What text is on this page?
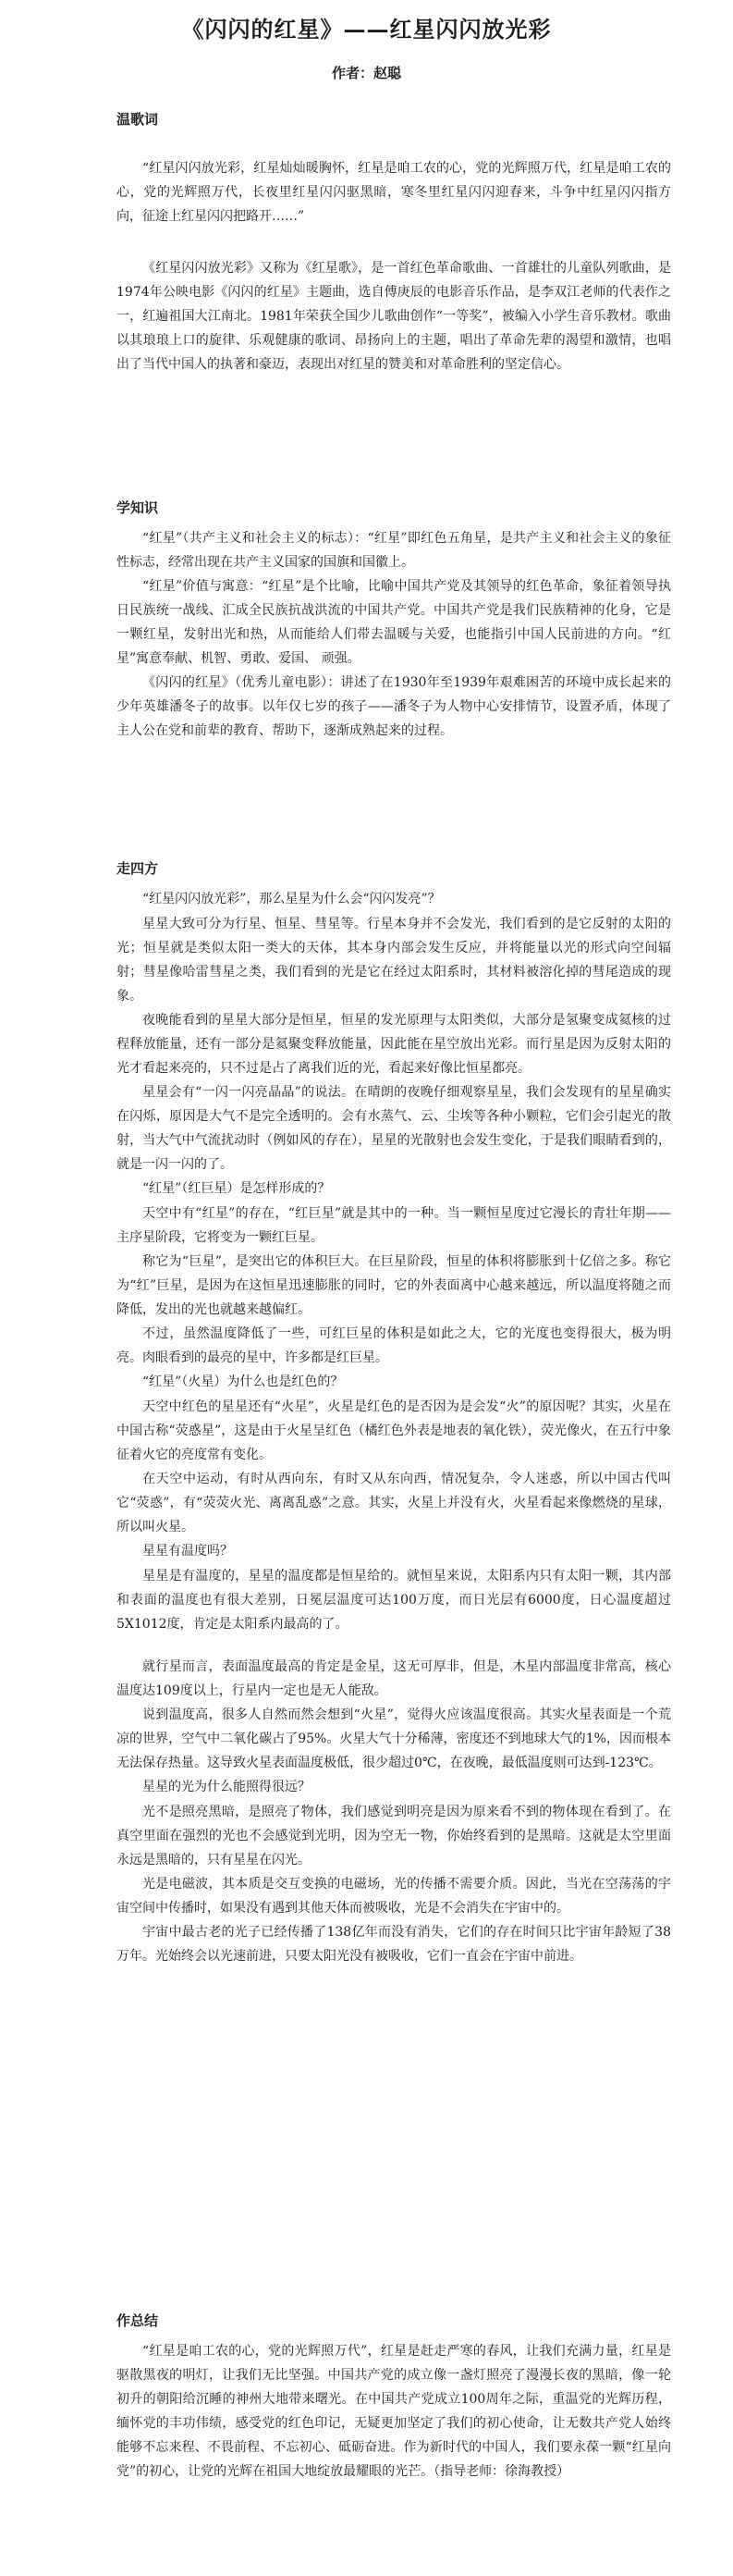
《闪闪的红星》——红星闪闪放光彩
作者：赵聪
温歌词

“红星闪闪放光彩，红星灿灿暖胸怀，红星是咱工农的心，党的光辉照万代，红星是咱工农的心，党的光辉照万代，长夜里红星闪闪驱黑暗，寒冬里红星闪闪迎春来，斗争中红星闪闪指方向，征途上红星闪闪把路开……”

《红星闪闪放光彩》又称为《红星歌》，是一首红色革命歌曲、一首雄壮的儿童队列歌曲，是1974年公映电影《闪闪的红星》主题曲，选自傅庚辰的电影音乐作品，是李双江老师的代表作之一，红遍祖国大江南北。1981年荣获全国少儿歌曲创作“一等奖”，被编入小学生音乐教材。歌曲以其琅琅上口的旋律、乐观健康的歌词、昂扬向上的主题，唱出了革命先辈的渴望和激情，也唱出了当代中国人的执著和豪迈，表现出对红星的赞美和对革命胜利的坚定信心。

学知识

“红星”（共产主义和社会主义的标志）：“红星”即红色五角星，是共产主义和社会主义的象征性标志，经常出现在共产主义国家的国旗和国徽上。

“红星”价值与寓意：“红星”是个比喻，比喻中国共产党及其领导的红色革命，象征着领导执日民族统一战线、汇成全民族抗战洪流的中国共产党。中国共产党是我们民族精神的化身，它是一颗红星，发射出光和热，从而能给人们带去温暖与关爱，也能指引中国人民前进的方向。“红星”寓意奉献、机智、勇敢、爱国、 顽强。

《闪闪的红星》（优秀儿童电影）：讲述了在1930年至1939年艰难困苦的环境中成长起来的少年英雄潘冬子的故事。以年仅七岁的孩子——潘冬子为人物中心安排情节，设置矛盾，体现了主人公在党和前辈的教育、帮助下，逐渐成熟起来的过程。

走四方

“红星闪闪放光彩”，那么星星为什么会“闪闪发亮”？

星星大致可分为行星、恒星、彗星等。行星本身并不会发光，我们看到的是它反射的太阳的光；恒星就是类似太阳一类大的天体，其本身内部会发生反应，并将能量以光的形式向空间辐射；彗星像哈雷彗星之类，我们看到的光是它在经过太阳系时，其材料被溶化掉的彗尾造成的现象。

夜晚能看到的星星大部分是恒星，恒星的发光原理与太阳类似，大部分是氢聚变成氦核的过程释放能量，还有一部分是氦聚变释放能量，因此能在星空放出光彩。而行星是因为反射太阳的光才看起来亮的，只不过是占了离我们近的光，看起来好像比恒星都亮。

星星会有“一闪一闪亮晶晶”的说法。在晴朗的夜晚仔细观察星星，我们会发现有的星星确实在闪烁，原因是大气不是完全透明的。会有水蒸气、云、尘埃等各种小颗粒，它们会引起光的散射，当大气中气流扰动时（例如风的存在），星星的光散射也会发生变化，于是我们眼睛看到的，就是一闪一闪的了。

“红星”（红巨星）是怎样形成的？

天空中有“红星”的存在，“红巨星”就是其中的一种。当一颗恒星度过它漫长的青壮年期——主序星阶段，它将变为一颗红巨星。

称它为“巨星”，是突出它的体积巨大。在巨星阶段，恒星的体积将膨胀到十亿倍之多。称它为“红”巨星，是因为在这恒星迅速膨胀的同时，它的外表面离中心越来越远，所以温度将随之而降低，发出的光也就越来越偏红。

不过，虽然温度降低了一些，可红巨星的体积是如此之大，它的光度也变得很大，极为明亮。肉眼看到的最亮的星中，许多都是红巨星。

“红星”（火星）为什么也是红色的？

天空中红色的星星还有“火星”，火星是红色的是否因为是会发“火”的原因呢？其实，火星在中国古称“荧惑星”，这是由于火星呈红色（橘红色外表是地表的氧化铁），荧光像火，在五行中象征着火它的亮度常有变化。

在天空中运动，有时从西向东，有时又从东向西，情况复杂，令人迷惑，所以中国古代叫它“荧惑”，有“荧荧火光、离离乱惑”之意。其实，火星上并没有火，火星看起来像燃烧的星球，所以叫火星。

星星有温度吗？

星星是有温度的，星星的温度都是恒星给的。就恒星来说，太阳系内只有太阳一颗，其内部和表面的温度也有很大差别，日冕层温度可达100万度，而日光层有6000度，日心温度超过5X1012度，肯定是太阳系内最高的了。

就行星而言，表面温度最高的肯定是金星，这无可厚非，但是，木星内部温度非常高，核心温度达109度以上，行星内一定也是无人能敌。

说到温度高，很多人自然而然会想到“火星”，觉得火应该温度很高。其实火星表面是一个荒凉的世界，空气中二氧化碳占了95%。火星大气十分稀薄，密度还不到地球大气的1%，因而根本无法保存热量。这导致火星表面温度极低，很少超过0℃，在夜晚，最低温度则可达到-123℃。

星星的光为什么能照得很远？

光不是照亮黑暗，是照亮了物体，我们感觉到明亮是因为原来看不到的物体现在看到了。在真空里面在强烈的光也不会感觉到光明，因为空无一物，你始终看到的是黑暗。这就是太空里面永远是黑暗的，只有星星在闪光。

光是电磁波，其本质是交互变换的电磁场，光的传播不需要介质。因此，当光在空荡荡的宇宙空间中传播时，如果没有遇到其他天体而被吸收，光是不会消失在宇宙中的。

宇宙中最古老的光子已经传播了138亿年而没有消失，它们的存在时间只比宇宙年龄短了38万年。光始终会以光速前进，只要太阳光没有被吸收，它们一直会在宇宙中前进。

作总结

“红星是咱工农的心，党的光辉照万代”，红星是赶走严寒的春风，让我们充满力量，红星是驱散黑夜的明灯，让我们无比坚强。中国共产党的成立像一盏灯照亮了漫漫长夜的黑暗，像一轮初升的朝阳给沉睡的神州大地带来曙光。在中国共产党成立100周年之际，重温党的光辉历程，缅怀党的丰功伟绩，感受党的红色印记，无疑更加坚定了我们的初心使命，让无数共产党人始终能够不忘来程、不畏前程、不忘初心、砥砺奋进。作为新时代的中国人，我们要永葆一颗“红星向党”的初心，让党的光辉在祖国大地绽放最耀眼的光芒。（指导老师：徐海教授）
